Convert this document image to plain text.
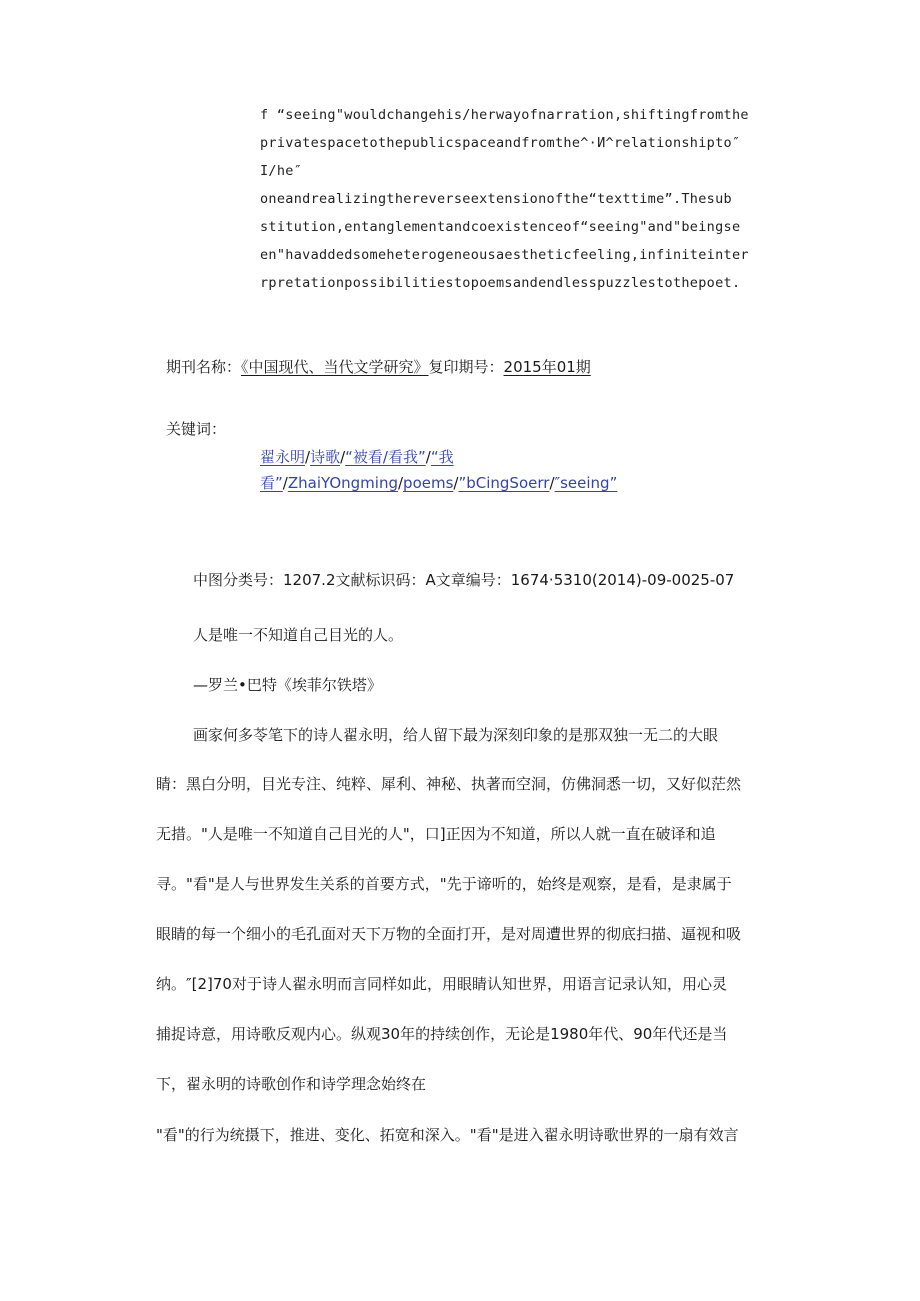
f “seeing"wouldchangehis/herwayofnarration,shiftingfromthe
privatespacetothepublicspaceandfromthe^·И^relationshipto″
I/he″
oneandrealizingthereverseextensionofthe“texttime”.Thesub
stitution,entanglementandcoexistenceof“seeing"and"beingse
en"havaddedsomeheterogeneousaestheticfeeling,infiniteinter
rpretationpossibilitiestopoemsandendlesspuzzlestothepoet.
期刊名称：《中国现代、当代文学研究》复印期号：2015年01期
关键词：
翟永明/诗歌/“被看/看我”/“我
看”/ZhaiYOngming/poems/”bCingSoerr/″seeing”
中图分类号：1207.2文献标识码：A文章编号：1674·5310(2014)-09-0025-07
人是唯一不知道自己目光的人。
—罗兰•巴特《埃菲尔铁塔》
画家何多苓笔下的诗人翟永明，给人留下最为深刻印象的是那双独一无二的大眼
睛：黑白分明，目光专注、纯粹、犀利、神秘、执著而空洞，仿佛洞悉一切，又好似茫然
无措。"人是唯一不知道自己目光的人"，口]正因为不知道，所以人就一直在破译和追
寻。"看"是人与世界发生关系的首要方式，"先于谛听的，始终是观察，是看，是隶属于
眼睛的每一个细小的毛孔面对天下万物的全面打开，是对周遭世界的彻底扫描、逼视和吸
纳。″[2]70对于诗人翟永明而言同样如此，用眼睛认知世界，用语言记录认知，用心灵
捕捉诗意，用诗歌反观内心。纵观30年的持续创作，无论是1980年代、90年代还是当
下，翟永明的诗歌创作和诗学理念始终在
"看"的行为统摄下，推进、变化、拓宽和深入。"看"是进入翟永明诗歌世界的一扇有效言
